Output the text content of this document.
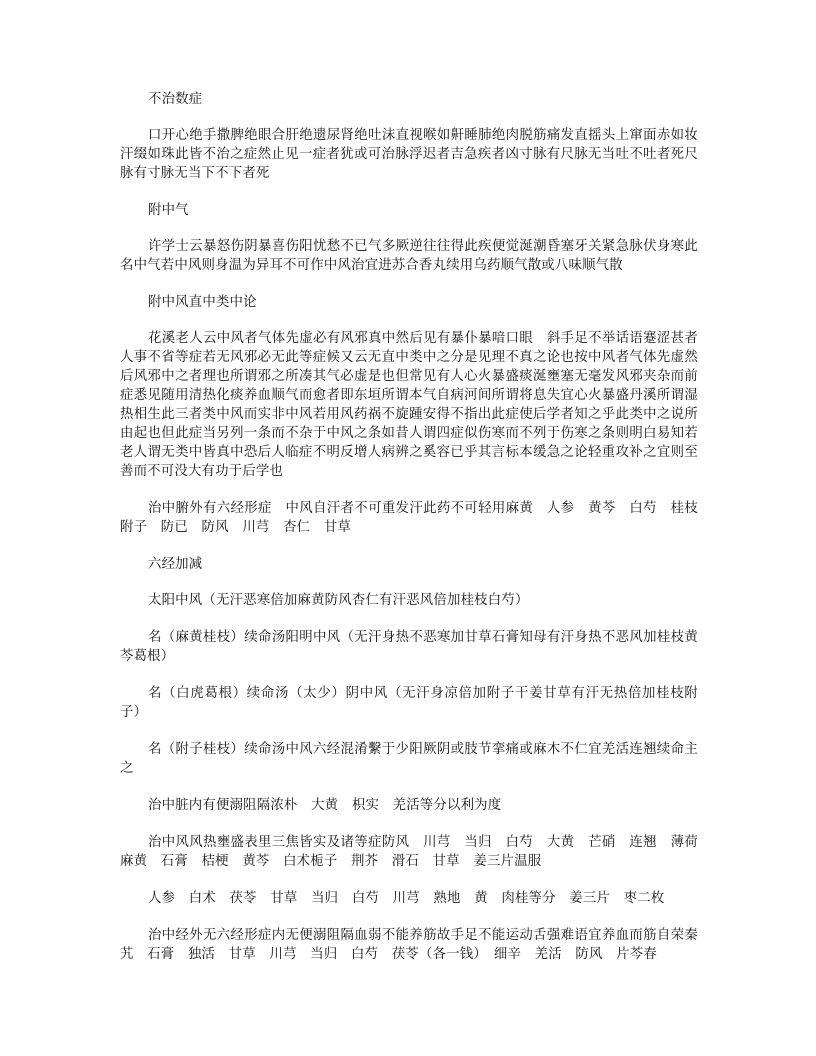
不治数症

口开心绝手撒脾绝眼合肝绝遗尿肾绝吐沫直视喉如鼾睡肺绝肉脱筋痛发直摇头上窜面赤如妆汗缀如珠此皆不治之症然止见一症者犹或可治脉浮迟者吉急疾者凶寸脉有尺脉无当吐不吐者死尺脉有寸脉无当下不下者死

附中气

许学士云暴怒伤阴暴喜伤阳忧愁不已气多厥逆往往得此疾便觉涎潮昏塞牙关紧急脉伏身寒此名中气若中风则身温为异耳不可作中风治宜进苏合香丸续用乌药顺气散或八味顺气散

附中风直中类中论

花溪老人云中风者气体先虚必有风邪真中然后见有暴仆暴喑口眼　斜手足不举话语蹇涩甚者人事不省等症若无风邪必无此等症候又云无直中类中之分是见理不真之论也按中风者气体先虚然后风邪中之者理也所谓邪之所凑其气必虚是也但常见有人心火暴盛痰涎壅塞无毫发风邪夹杂而前症悉见随用清热化痰养血顺气而愈者即东垣所谓本气自病河间所谓将息失宜心火暴盛丹溪所谓湿热相生此三者类中风而实非中风若用风药祸不旋踵安得不指出此症使后学者知之乎此类中之说所由起也但此症当另列一条而不杂于中风之条如昔人谓四症似伤寒而不列于伤寒之条则明白易知若老人谓无类中皆真中恐后人临症不明反增人病辨之奚容已乎其言标本缓急之论轻重攻补之宜则至善而不可没大有功于后学也

治中腑外有六经形症　中风自汗者不可重发汗此药不可轻用麻黄　人参　黄芩　白芍　桂枝　附子　防已　防风　川芎　杏仁　甘草

六经加减

太阳中风（无汗恶寒倍加麻黄防风杏仁有汗恶风倍加桂枝白芍）

名（麻黄桂枝）续命汤阳明中风（无汗身热不恶寒加甘草石膏知母有汗身热不恶风加桂枝黄芩葛根）

名（白虎葛根）续命汤（太少）阴中风（无汗身凉倍加附子干姜甘草有汗无热倍加桂枝附子）

名（附子桂枝）续命汤中风六经混淆繫于少阳厥阴或肢节挛痛或麻木不仁宜羌活连翘续命主之

治中脏内有便溺阻隔浓朴　大黄　枳实　羌活等分以利为度

治中风风热壅盛表里三焦皆实及诸等症防风　川芎　当归　白芍　大黄　芒硝　连翘　薄荷　麻黄　石膏　桔梗　黄芩　白术栀子　荆芥　滑石　甘草　姜三片温服

人参　白术　茯苓　甘草　当归　白芍　川芎　熟地　黄　肉桂等分　姜三片　枣二枚

治中经外无六经形症内无便溺阻隔血弱不能养筋故手足不能运动舌强难语宜养血而筋自荣秦艽　石膏　独活　甘草　川芎　当归　白芍　茯苓（各一钱）　细辛　羌活　防风　片芩春
